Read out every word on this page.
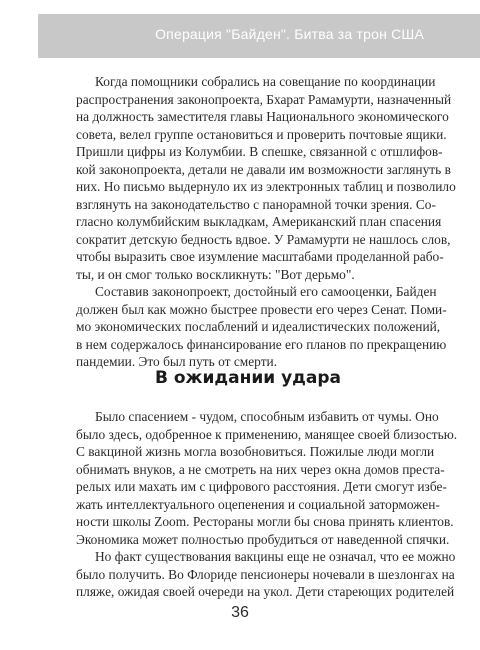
Операция "Байден". Битва за трон США
Когда помощники собрались на совещание по координации
распространения законопроекта, Бхарат Рамамурти, назначенный
на должность заместителя главы Национального экономического
совета, велел группе остановиться и проверить почтовые ящики.
Пришли цифры из Колумбии. В спешке, связанной с отшлифов-
кой законопроекта, детали не давали им возможности заглянуть в
них. Но письмо выдернуло их из электронных таблиц и позволило
взглянуть на законодательство с панорамной точки зрения. Со-
гласно колумбийским выкладкам, Американский план спасения
сократит детскую бедность вдвое. У Рамамурти не нашлось слов,
чтобы выразить свое изумление масштабами проделанной рабо-
ты, и он смог только воскликнуть: "Вот дерьмо".
Составив законопроект, достойный его самооценки, Байден
должен был как можно быстрее провести его через Сенат. Поми-
мо экономических послаблений и идеалистических положений,
в нем содержалось финансирование его планов по прекращению
пандемии. Это был путь от смерти.
В ожидании удара
Было спасением - чудом, способным избавить от чумы. Оно
было здесь, одобренное к применению, манящее своей близостью.
С вакциной жизнь могла возобновиться. Пожилые люди могли
обнимать внуков, а не смотреть на них через окна домов преста-
релых или махать им с цифрового расстояния. Дети смогут избе-
жать интеллектуального оцепенения и социальной заторможен-
ности школы Zoom. Рестораны могли бы снова принять клиентов.
Экономика может полностью пробудиться от наведенной спячки.
Но факт существования вакцины еще не означал, что ее можно
было получить. Во Флориде пенсионеры ночевали в шезлонгах на
пляже, ожидая своей очереди на укол. Дети стареющих родителей
36
